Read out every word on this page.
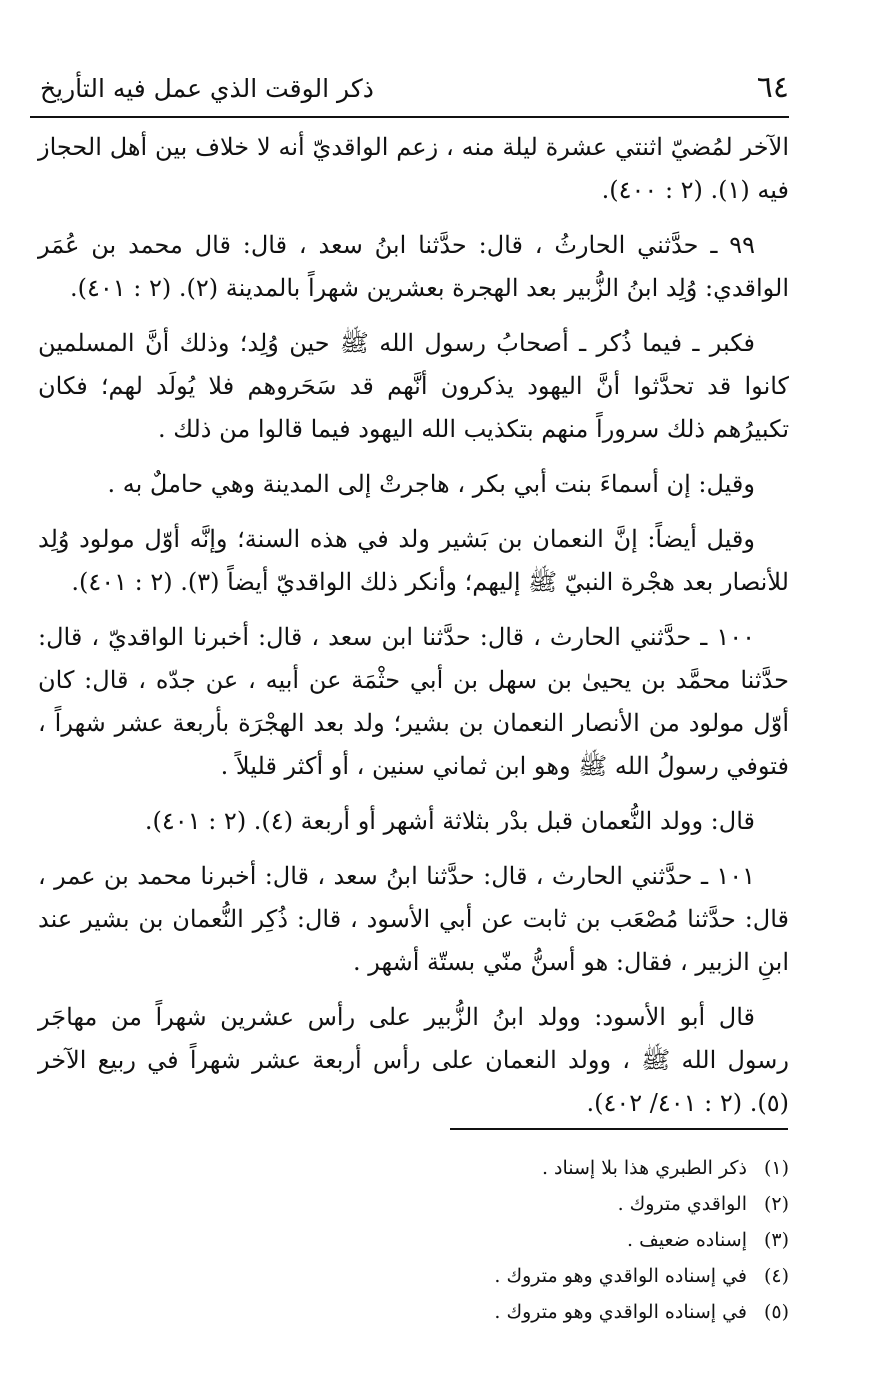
٦٤
ذكر الوقت الذي عمل فيه التأريخ

الآخر لمُضيّ اثنتي عشرة ليلة منه ، زعم الواقديّ أنه لا خلاف بين أهل الحجاز فيه (١). (٢ : ٤٠٠).

٩٩ ـ حدَّثني الحارثُ ، قال: حدَّثنا ابنُ سعد ، قال: قال محمد بن عُمَر الواقدي: وُلِد ابنُ الزُّبير بعد الهجرة بعشرين شهراً بالمدينة (٢). (٢ : ٤٠١).

فكبر ـ فيما ذُكر ـ أصحابُ رسول الله ﷺ حين وُلِد؛ وذلك أنَّ المسلمين كانوا قد تحدَّثوا أنَّ اليهود يذكرون أنَّهم قد سَحَروهم فلا يُولَد لهم؛ فكان تكبيرُهم ذلك سروراً منهم بتكذيب الله اليهود فيما قالوا من ذلك .

وقيل: إن أسماءَ بنت أبي بكر ، هاجرتْ إلى المدينة وهي حاملٌ به .

وقيل أيضاً: إنَّ النعمان بن بَشير ولد في هذه السنة؛ وإنَّه أوّل مولود وُلِد للأنصار بعد هجْرة النبيّ ﷺ إليهم؛ وأنكر ذلك الواقديّ أيضاً (٣). (٢ : ٤٠١).

١٠٠ ـ حدَّثني الحارث ، قال: حدَّثنا ابن سعد ، قال: أخبرنا الواقديّ ، قال: حدَّثنا محمَّد بن يحيىٰ بن سهل بن أبي حثْمَة عن أبيه ، عن جدّه ، قال: كان أوّل مولود من الأنصار النعمان بن بشير؛ ولد بعد الهجْرَة بأربعة عشر شهراً ، فتوفي رسولُ الله ﷺ وهو ابن ثماني سنين ، أو أكثر قليلاً .

قال: وولد النُّعمان قبل بدْر بثلاثة أشهر أو أربعة (٤). (٢ : ٤٠١).

١٠١ ـ حدَّثني الحارث ، قال: حدَّثنا ابنُ سعد ، قال: أخبرنا محمد بن عمر ، قال: حدَّثنا مُصْعَب بن ثابت عن أبي الأسود ، قال: ذُكِر النُّعمان بن بشير عند ابنِ الزبير ، فقال: هو أسنُّ منّي بستّة أشهر .

قال أبو الأسود: وولد ابنُ الزُّبير على رأس عشرين شهراً من مهاجَر رسول الله ﷺ ، وولد النعمان على رأس أربعة عشر شهراً في ربيع الآخر (٥). (٢ : ٤٠١/ ٤٠٢).

(١)ذكر الطبري هذا بلا إسناد .
(٢)الواقدي متروك .
(٣)إسناده ضعيف .
(٤)في إسناده الواقدي وهو متروك .
(٥)في إسناده الواقدي وهو متروك .
